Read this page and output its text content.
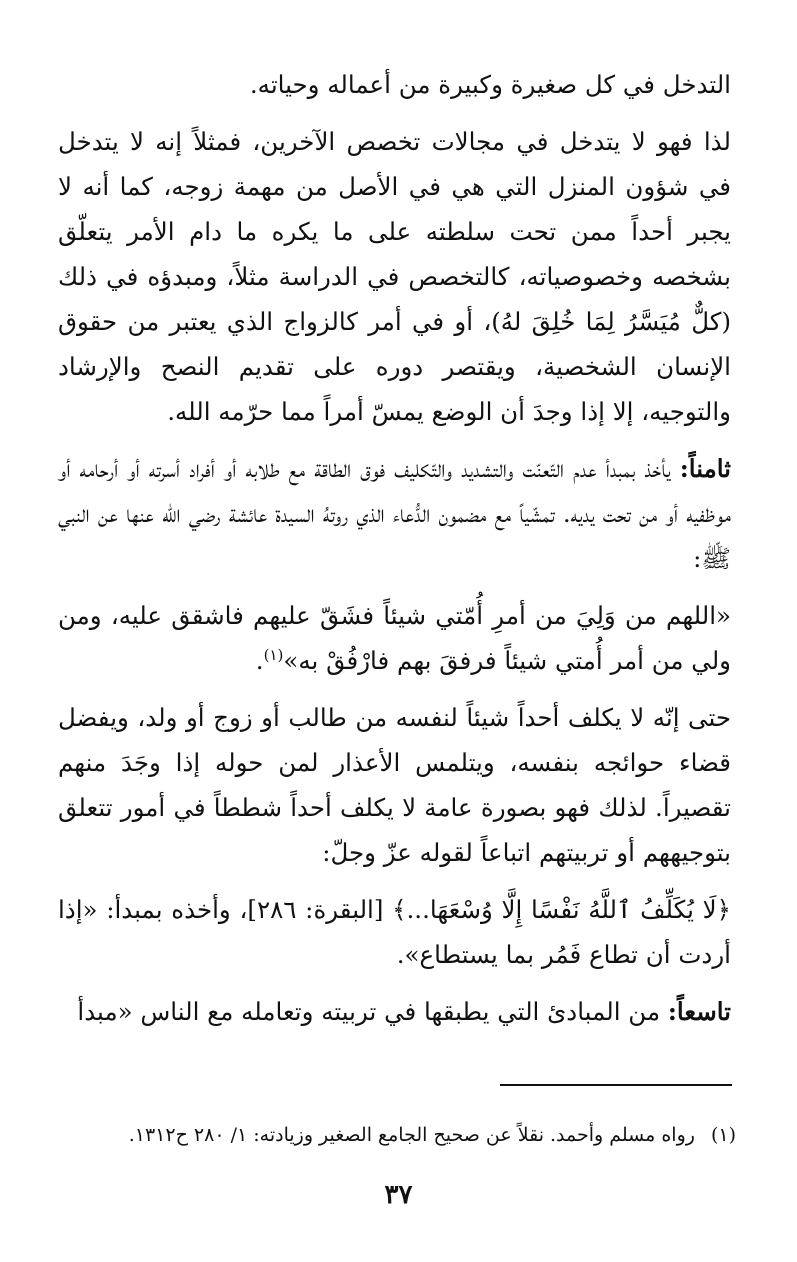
التدخل في كل صغيرة وكبيرة من أعماله وحياته.

لذا فهو لا يتدخل في مجالات تخصص الآخرين، فمثلاً إنه لا يتدخل في شؤون المنزل التي هي في الأصل من مهمة زوجه، كما أنه لا يجبر أحداً ممن تحت سلطته على ما يكره ما دام الأمر يتعلّق بشخصه وخصوصياته، كالتخصص في الدراسة مثلاً، ومبدؤه في ذلك (كلٌّ مُيَسَّرُ لِمَا خُلِقَ لهُ)، أو في أمر كالزواج الذي يعتبر من حقوق الإنسان الشخصية، ويقتصر دوره على تقديم النصح والإرشاد والتوجيه، إلا إذا وجدَ أن الوضع يمسّ أمراً مما حرّمه الله.

ثامناً: يأخذ بمبدأ عدم التّعنّت والتشديد والتّكليف فوق الطاقة مع طلابه أو أفراد أسرته أو أرحامه أو موظفيه أو من تحت يديه. تمشّياً مع مضمون الدُّعاء الذي روتهُ السيدة عائشة رضي الله عنها عن النبي ﷺ:

«اللهم من وَلِيَ من أمرِ أُمّتي شيئاً فشَقّ عليهم فاشقق عليه، ومن ولي من أمر أُمتي شيئاً فرفقَ بهم فارْفُقْ به»$^{(١)}$.

حتى إنّه لا يكلف أحداً شيئاً لنفسه من طالب أو زوج أو ولد، ويفضل قضاء حوائجه بنفسه، ويتلمس الأعذار لمن حوله إذا وجَدَ منهم تقصيراً. لذلك فهو بصورة عامة لا يكلف أحداً شططاً في أمور تتعلق بتوجيههم أو تربيتهم اتباعاً لقوله عزّ وجلّ:

﴿لَا يُكَلِّفُ ٱللَّهُ نَفْسًا إِلَّا وُسْعَهَا...﴾ [البقرة: ٢٨٦]، وأخذه بمبدأ: «إذا أردت أن تطاع فَمُر بما يستطاع».

تاسعاً: من المبادئ التي يطبقها في تربيته وتعامله مع الناس «مبدأ

(١)رواه مسلم وأحمد. نقلاً عن صحيح الجامع الصغير وزيادته: ١/ ٢٨٠ ح١٣١٢.
٣٧
